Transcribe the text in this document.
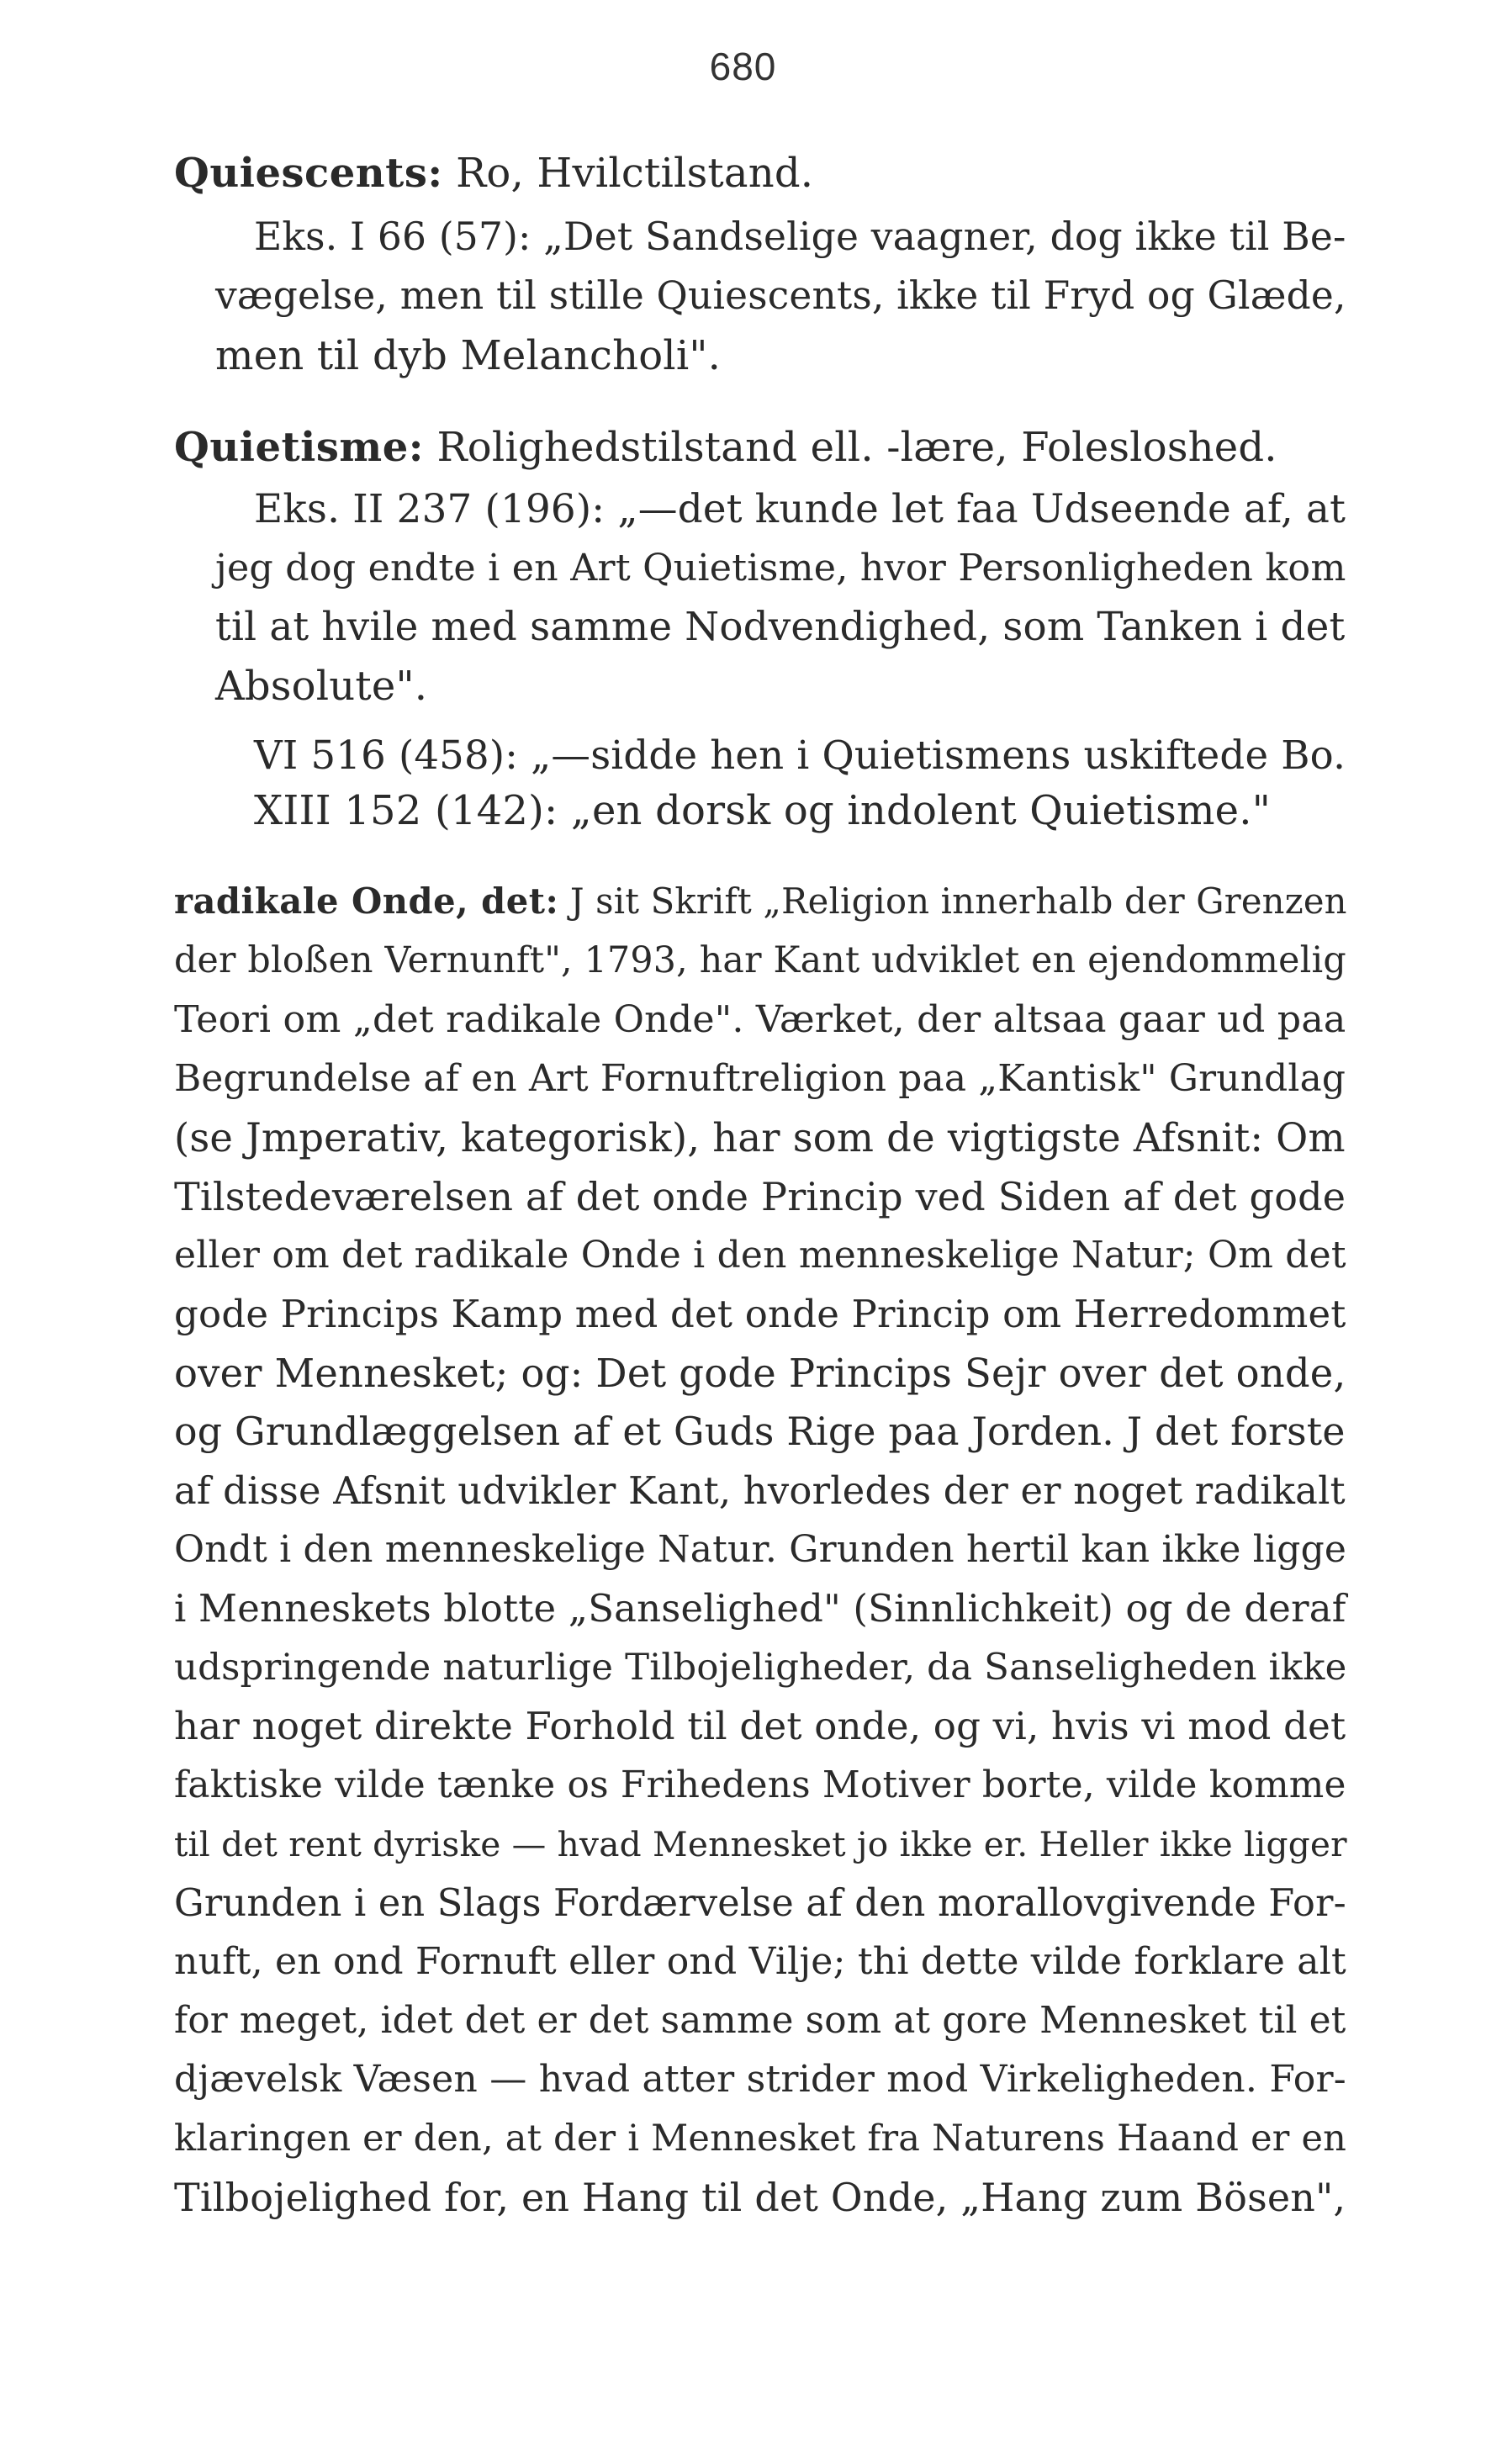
680
Quiescents: Ro, Hvilctilstand.
Eks. I 66 (57): „Det Sandselige vaagner, dog ikke til Be-
vægelse, men til stille Quiescents, ikke til Fryd og Glæde,
men til dyb Melancholi".
Quietisme: Rolighedstilstand ell. -lære, Folesloshed.
Eks. II 237 (196): „—det kunde let faa Udseende af, at
jeg dog endte i en Art Quietisme, hvor Personligheden kom
til at hvile med samme Nodvendighed, som Tanken i det
Absolute".
VI 516 (458): „—sidde hen i Quietismens uskiftede Bo.
XIII 152 (142): „en dorsk og indolent Quietisme."
radikale Onde, det: J sit Skrift „Religion innerhalb der Grenzen
der bloßen Vernunft", 1793, har Kant udviklet en ejendommelig
Teori om „det radikale Onde". Værket, der altsaa gaar ud paa
Begrundelse af en Art Fornuftreligion paa „Kantisk" Grundlag
(se Jmperativ, kategorisk), har som de vigtigste Afsnit: Om
Tilstedeværelsen af det onde Princip ved Siden af det gode
eller om det radikale Onde i den menneskelige Natur; Om det
gode Princips Kamp med det onde Princip om Herredommet
over Mennesket; og: Det gode Princips Sejr over det onde,
og Grundlæggelsen af et Guds Rige paa Jorden. J det forste
af disse Afsnit udvikler Kant, hvorledes der er noget radikalt
Ondt i den menneskelige Natur. Grunden hertil kan ikke ligge
i Menneskets blotte „Sanselighed" (Sinnlichkeit) og de deraf
udspringende naturlige Tilbojeligheder, da Sanseligheden ikke
har noget direkte Forhold til det onde, og vi, hvis vi mod det
faktiske vilde tænke os Frihedens Motiver borte, vilde komme
til det rent dyriske — hvad Mennesket jo ikke er. Heller ikke ligger
Grunden i en Slags Fordærvelse af den morallovgivende For-
nuft, en ond Fornuft eller ond Vilje; thi dette vilde forklare alt
for meget, idet det er det samme som at gore Mennesket til et
djævelsk Væsen — hvad atter strider mod Virkeligheden. For-
klaringen er den, at der i Mennesket fra Naturens Haand er en
Tilbojelighed for, en Hang til det Onde, „Hang zum Bösen",
